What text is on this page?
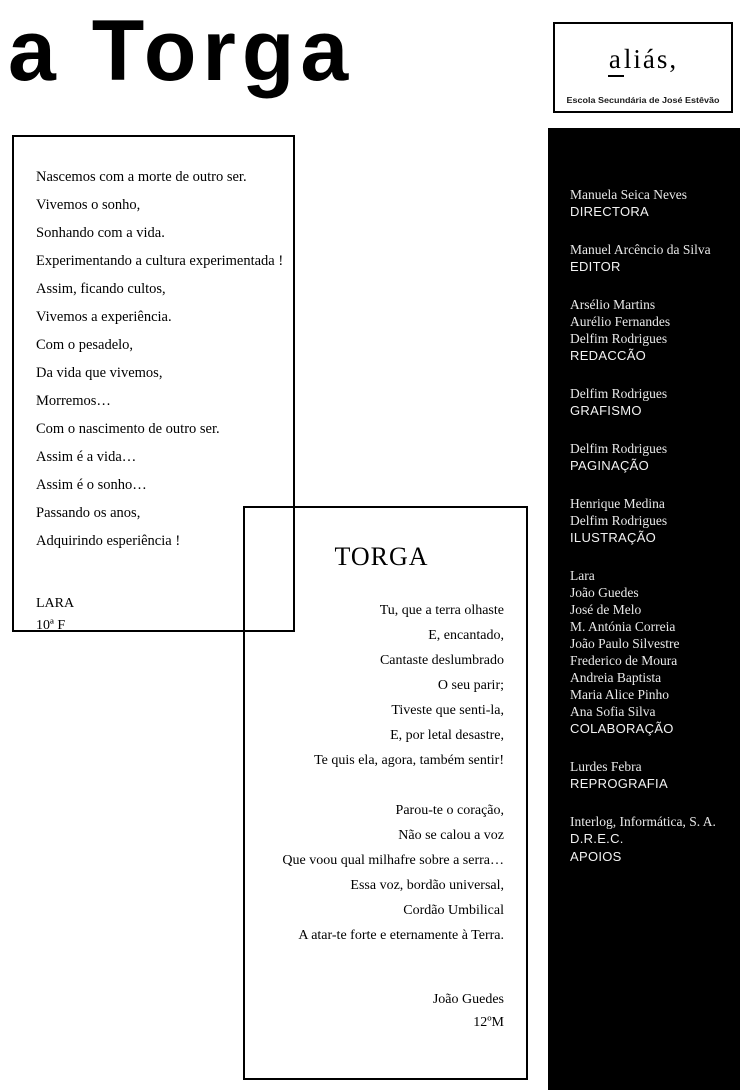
a Torga	aliás,
Escola Secundária de José Estêvão
Manuela Seica Neves
DIRECTORA
Manuel Arcêncio da Silva
EDITOR
Arsélio Martins
Aurélio Fernandes
Delfim Rodrigues
REDACCÃO
Delfim Rodrigues
GRAFISMO
Delfim Rodrigues
PAGINAÇÃO
Henrique Medina
Delfim Rodrigues
ILUSTRAÇÃO
Lara
João Guedes
José de Melo
M. Antónia Correia
João Paulo Silvestre
Frederico de Moura
Andreia Baptista
Maria Alice Pinho
Ana Sofia Silva
COLABORAÇÃO
Lurdes Febra
REPROGRAFIA
Interlog, Informática, S. A.
D.R.E.C.
APOIOS
Nascemos com a morte de outro ser.
Vivemos o sonho,
Sonhando com a vida.
Experimentando a cultura experimentada !
Assim, ficando cultos,
Vivemos a experiência.
Com o pesadelo,
Da vida que vivemos,
Morremos…
Com o nascimento de outro ser.
Assim é a vida…
Assim é o sonho…
Passando os anos,
Adquirindo esperiência !
LARA
10ª F
TORGA
Tu, que a terra olhaste
E, encantado,
Cantaste deslumbrado
O seu parir;
Tiveste que senti-la,
E, por letal desastre,
Te quis ela, agora, também sentir!
Parou-te o coração,
Não se calou a voz
Que voou qual milhafre sobre a serra…
Essa voz, bordão universal,
Cordão Umbilical
A atar-te forte e eternamente à Terra.
João Guedes
12ºM
